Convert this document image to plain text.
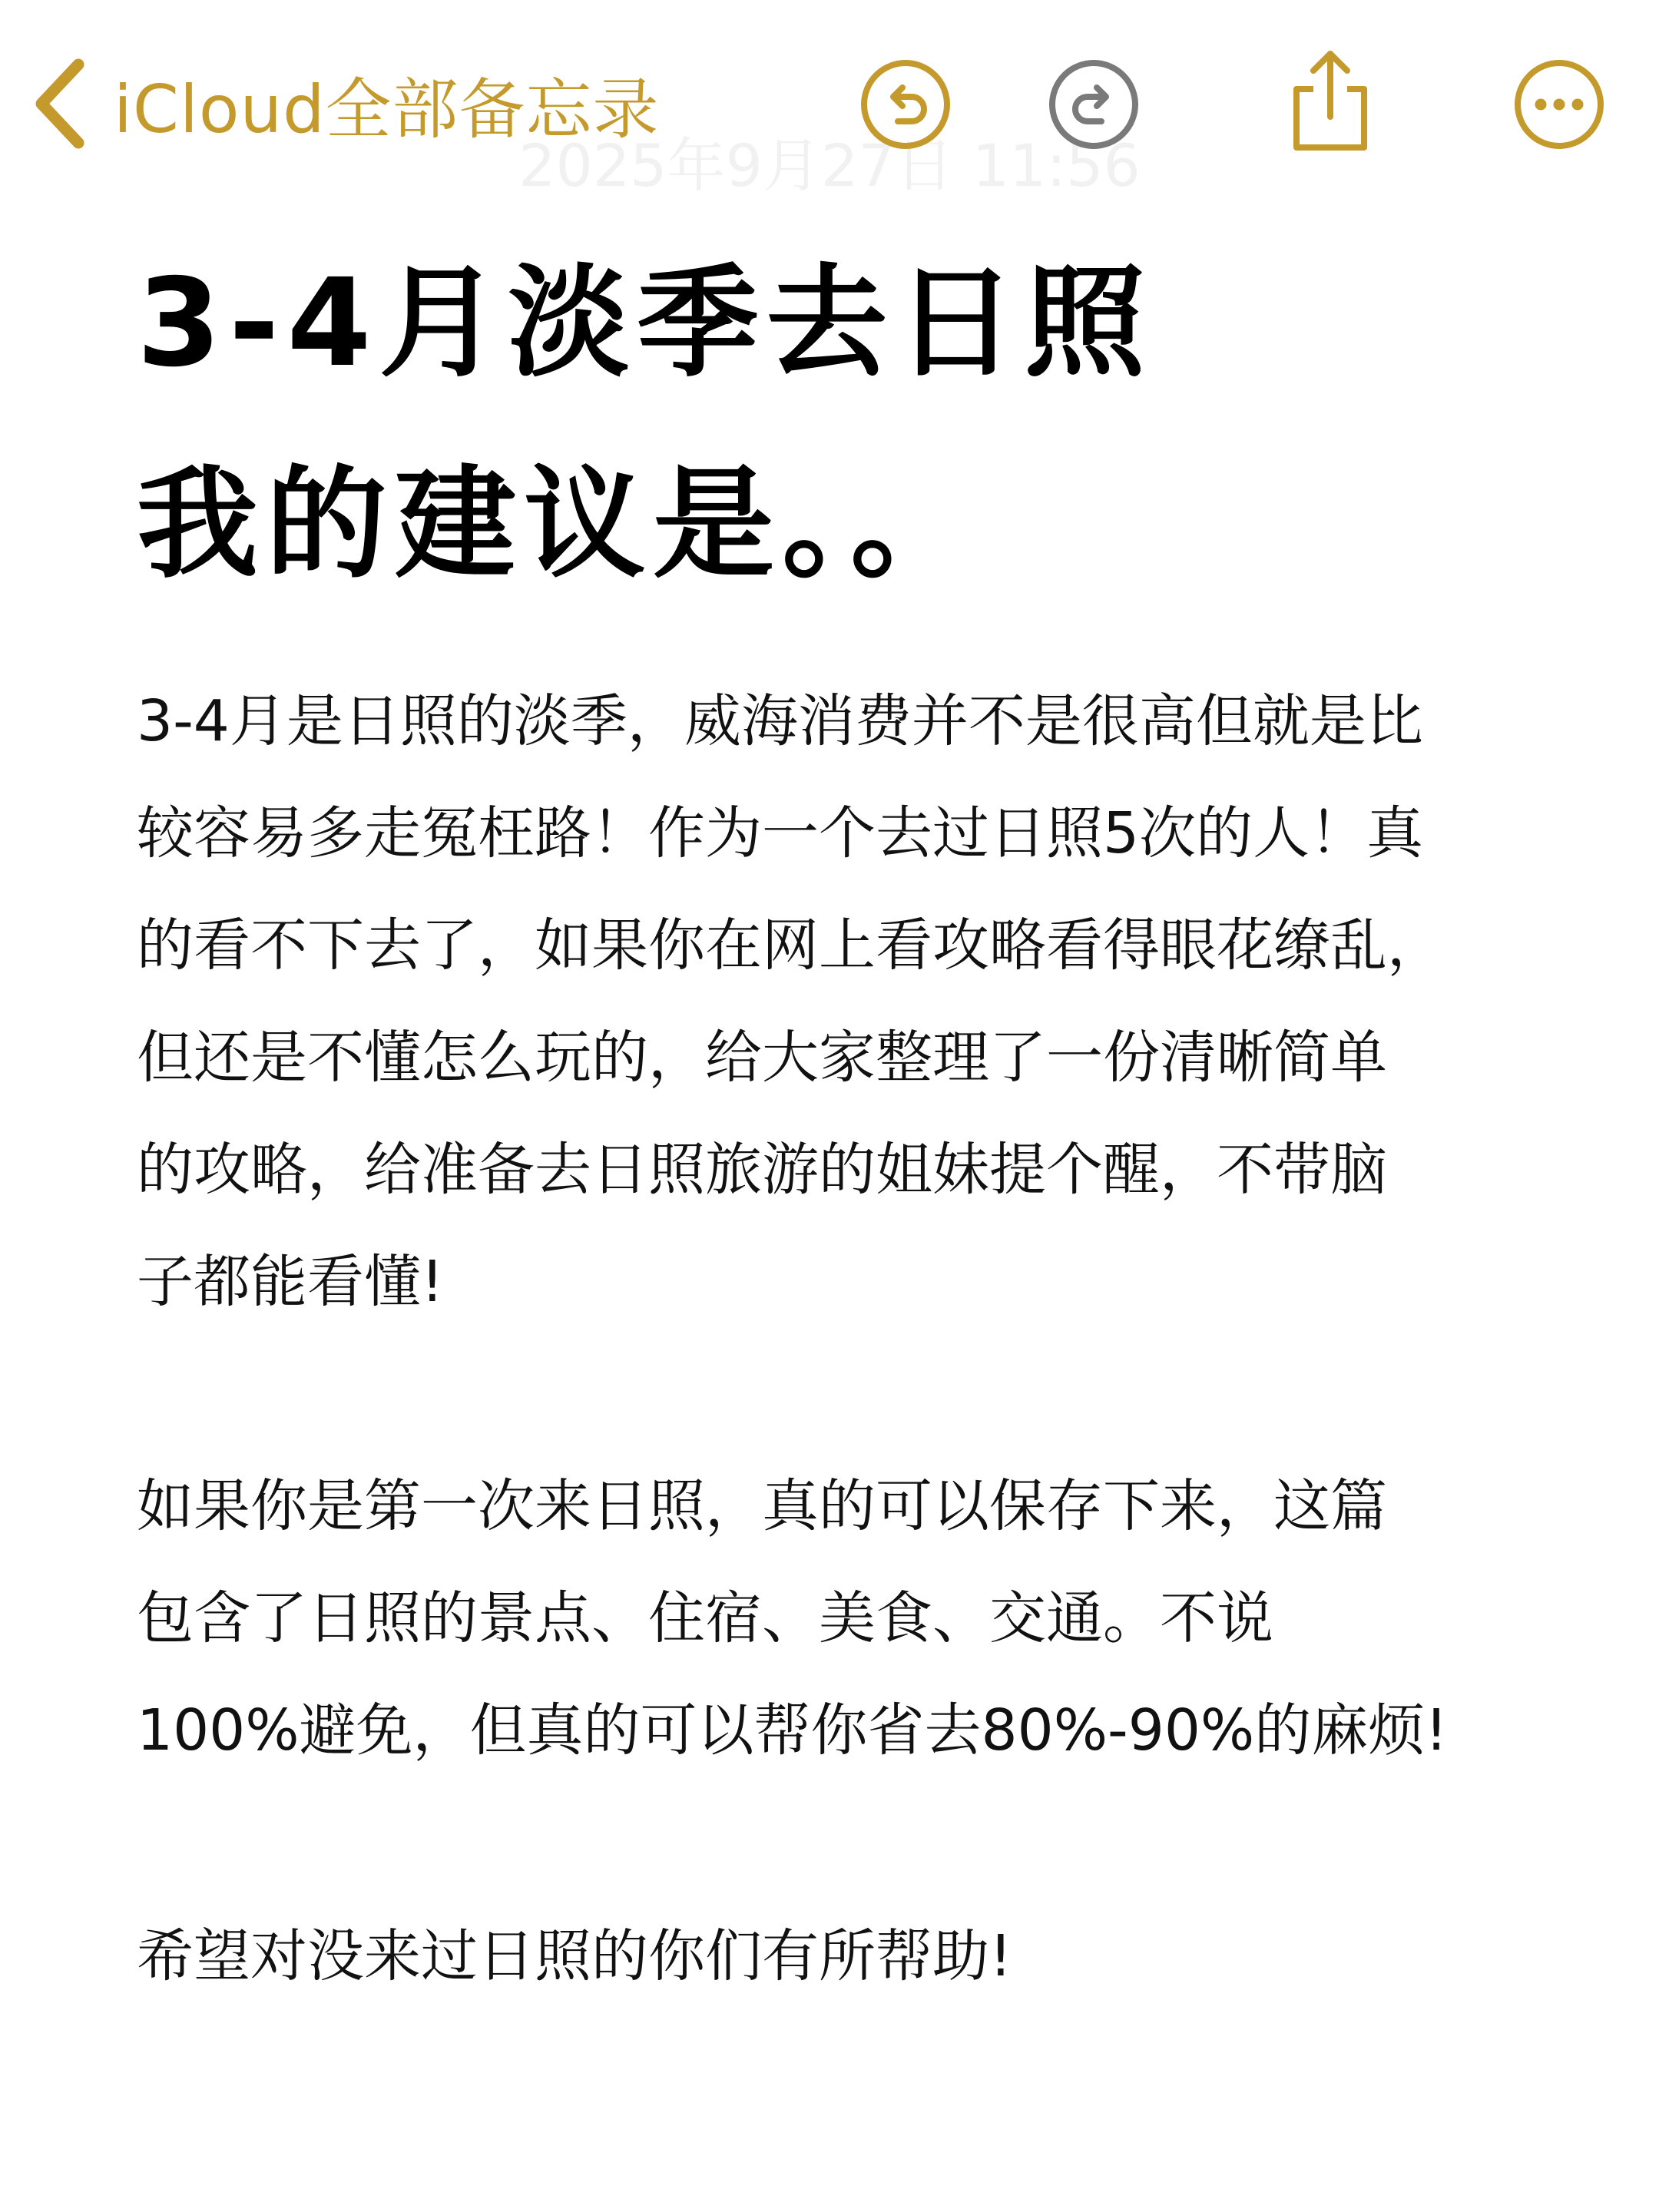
iCloud全部备忘录
2025年9月27日 11:56
3-4月淡季去日照
我的建议是。。
3-4月是日照的淡季，威海消费并不是很高但就是比
较容易多走冤枉路！作为一个去过日照5次的人！真
的看不下去了，如果你在网上看攻略看得眼花缭乱，
但还是不懂怎么玩的，给大家整理了一份清晰简单
的攻略，给准备去日照旅游的姐妹提个醒，不带脑
子都能看懂!
如果你是第一次来日照，真的可以保存下来，这篇
包含了日照的景点、住宿、美食、交通。不说
100%避免，但真的可以帮你省去80%-90%的麻烦!
希望对没来过日照的你们有所帮助!
